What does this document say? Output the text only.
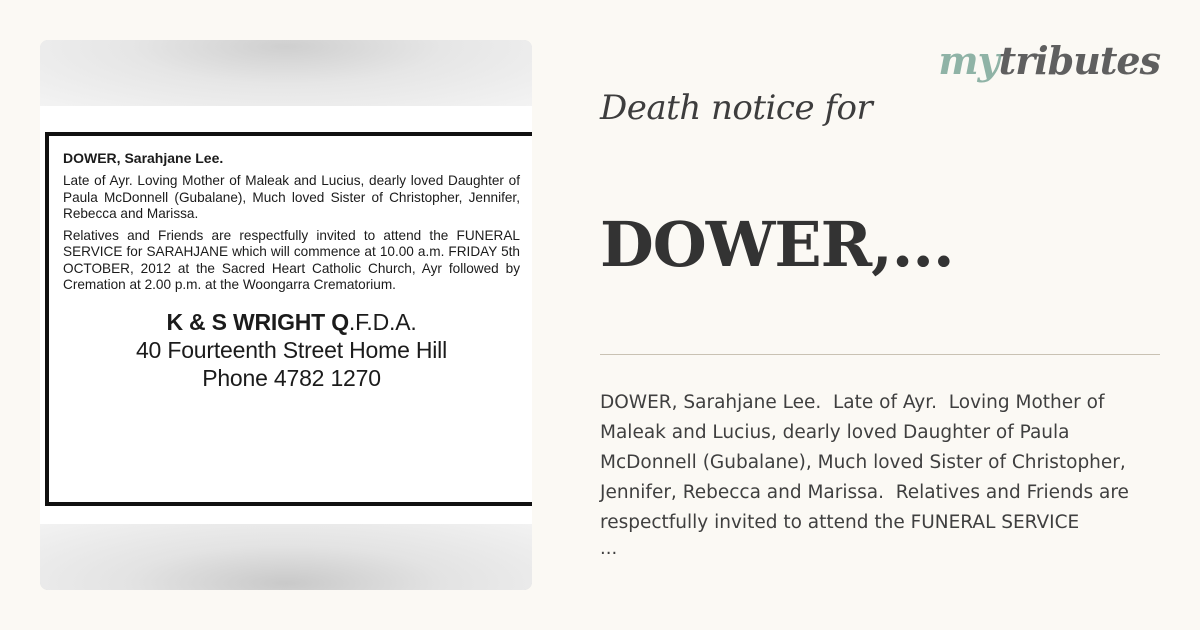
DOWER, Sarahjane Lee.

Late of Ayr. Loving Mother of Maleak and Lucius, dearly loved Daughter of Paula McDonnell (Gubalane), Much loved Sister of Christopher, Jennifer, Rebecca and Marissa.

Relatives and Friends are respectfully invited to attend the FUNERAL SERVICE for SARAHJANE which will commence at 10.00 a.m. FRIDAY 5th OCTOBER, 2012 at the Sacred Heart Catholic Church, Ayr followed by Cremation at 2.00 p.m. at the Woongarra Crematorium.

K & S WRIGHT Q.F.D.A.
40 Fourteenth Street Home Hill
Phone 4782 1270
mytributes
Death notice for
DOWER,...
DOWER, Sarahjane Lee.  Late of Ayr.  Loving Mother of Maleak and Lucius, dearly loved Daughter of Paula McDonnell (Gubalane), Much loved Sister of Christopher, Jennifer, Rebecca and Marissa.  Relatives and Friends are respectfully invited to attend the FUNERAL SERVICE
...
